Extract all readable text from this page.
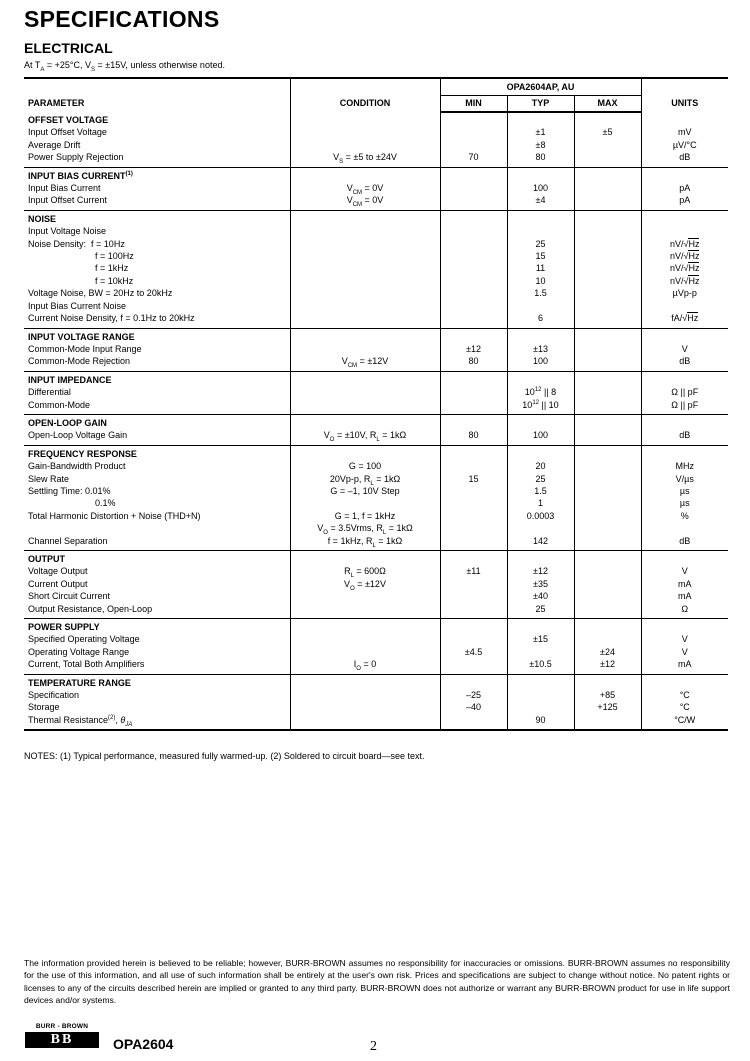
SPECIFICATIONS
ELECTRICAL
At $T_A = +25^\circ C$, $V_S = \pm 15V$, unless otherwise noted.
PARAMETER	CONDITION	OPA2604AP, AU			UNITS
		MIN	TYP	MAX	
OFFSET VOLTAGE					
Input Offset Voltage			±1	±5	mV
Average Drift			±8		µV/°C
Power Supply Rejection	$V_S = \pm 5$ to ±24V	70	80		dB
INPUT BIAS CURRENT$^{(1)}$					
Input Bias Current	$V_{CM} = 0V$		100		pA
Input Offset Current	$V_{CM} = 0V$		±4		pA
NOISE					
Input Voltage Noise					
Noise Density: f = 10Hz			25		nV/√Hz
f = 100Hz			15		nV/√Hz
f = 1kHz			11		nV/√Hz
f = 10kHz			10		nV/√Hz
Voltage Noise, BW = 20Hz to 20kHz			1.5		µVp-p
Input Bias Current Noise					
Current Noise Density, f = 0.1Hz to 20kHz			6		fA/√Hz
INPUT VOLTAGE RANGE					
Common-Mode Input Range		±12	±13		V
Common-Mode Rejection	$V_{CM} = \pm 12V$	80	100		dB
INPUT IMPEDANCE					
Differential			$10^{12}$ || 8		Ω || pF
Common-Mode			$10^{12}$ || 10		Ω || pF
OPEN-LOOP GAIN					
Open-Loop Voltage Gain	$V_O = \pm 10V$, $R_L = 1k\Omega$	80	100		dB
FREQUENCY RESPONSE					
Gain-Bandwidth Product	G = 100		20		MHz
Slew Rate	20Vp-p, $R_L = 1k\Omega$	15	25		V/µs
Settling Time: 0.01%	G = –1, 10V Step		1.5		µs
0.1%			1		µs
Total Harmonic Distortion + Noise (THD+N)	G = 1, f = 1kHz		0.0003		%
	$V_O$ = 3.5Vrms, $R_L = 1k\Omega$				
Channel Separation	f = 1kHz, $R_L = 1k\Omega$		142		dB
OUTPUT					
Voltage Output	$R_L = 600\Omega$	±11	±12		V
Current Output	$V_O = \pm 12V$		±35		mA
Short Circuit Current			±40		mA
Output Resistance, Open-Loop			25		Ω
POWER SUPPLY					
Specified Operating Voltage			±15		V
Operating Voltage Range		±4.5		±24	V
Current, Total Both Amplifiers	$I_O = 0$		±10.5	±12	mA
TEMPERATURE RANGE					
Specification		–25		+85	°C
Storage		–40		+125	°C
Thermal Resistance$^{(2)}$, $\theta_{JA}$			90		°C/W
NOTES: (1) Typical performance, measured fully warmed-up. (2) Soldered to circuit board—see text.
The information provided herein is believed to be reliable; however, BURR-BROWN assumes no responsibility for inaccuracies or omissions. BURR-BROWN assumes no responsibility for the use of this information, and all use of such information shall be entirely at the user's own risk. Prices and specifications are subject to change without notice. No patent rights or licenses to any of the circuits described herein are implied or granted to any third party. BURR-BROWN does not authorize or warrant any BURR-BROWN product for use in life support devices and/or systems.
BURR - BROWN
BB	OPA2604	2
